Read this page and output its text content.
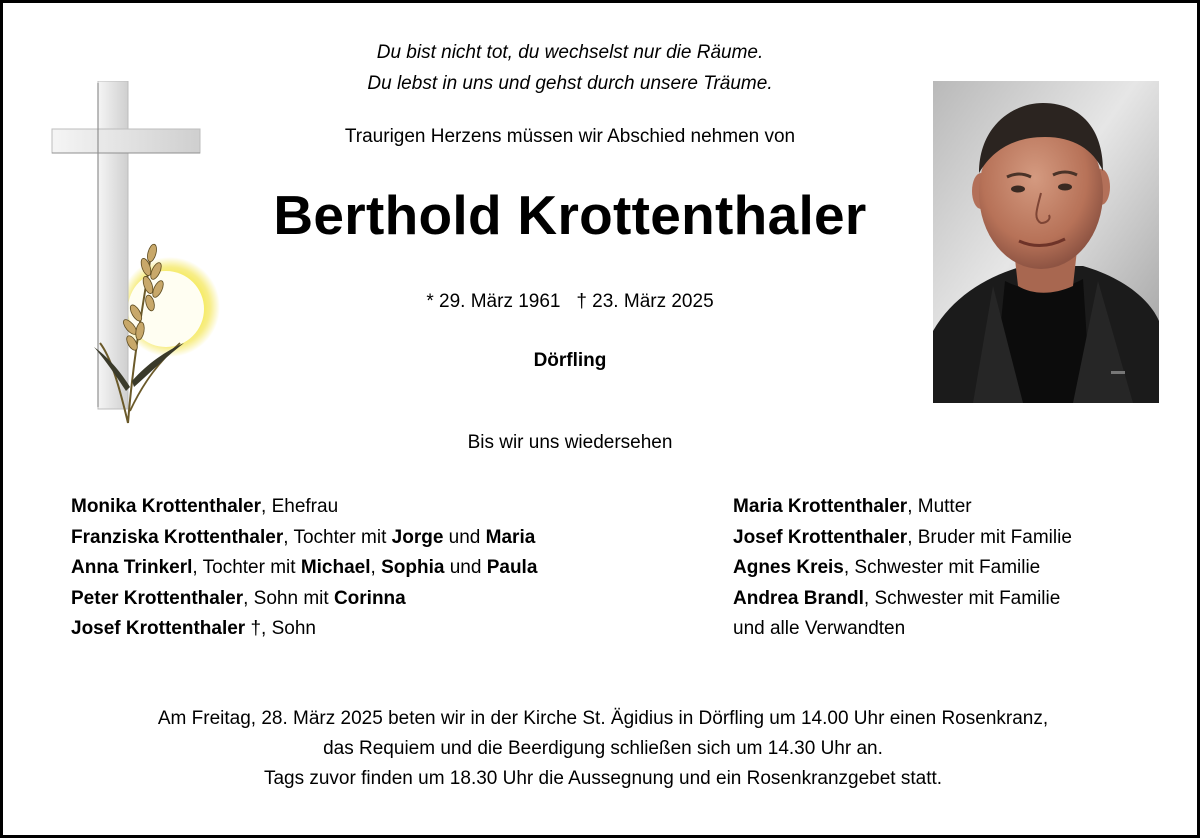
Du bist nicht tot, du wechselst nur die Räume.
Du lebst in uns und gehst durch unsere Träume.
Traurigen Herzens müssen wir Abschied nehmen von
Berthold Krottenthaler
* 29. März 1961   † 23. März 2025
Dörfling
Bis wir uns wiedersehen
Monika Krottenthaler, Ehefrau
Franziska Krottenthaler, Tochter mit Jorge und Maria
Anna Trinkerl, Tochter mit Michael, Sophia und Paula
Peter Krottenthaler, Sohn mit Corinna
Josef Krottenthaler †, Sohn
Maria Krottenthaler, Mutter
Josef Krottenthaler, Bruder mit Familie
Agnes Kreis, Schwester mit Familie
Andrea Brandl, Schwester mit Familie
und alle Verwandten
Am Freitag, 28. März 2025 beten wir in der Kirche St. Ägidius in Dörfling um 14.00 Uhr einen Rosenkranz,
das Requiem und die Beerdigung schließen sich um 14.30 Uhr an.
Tags zuvor finden um 18.30 Uhr die Aussegnung und ein Rosenkranzgebet statt.
